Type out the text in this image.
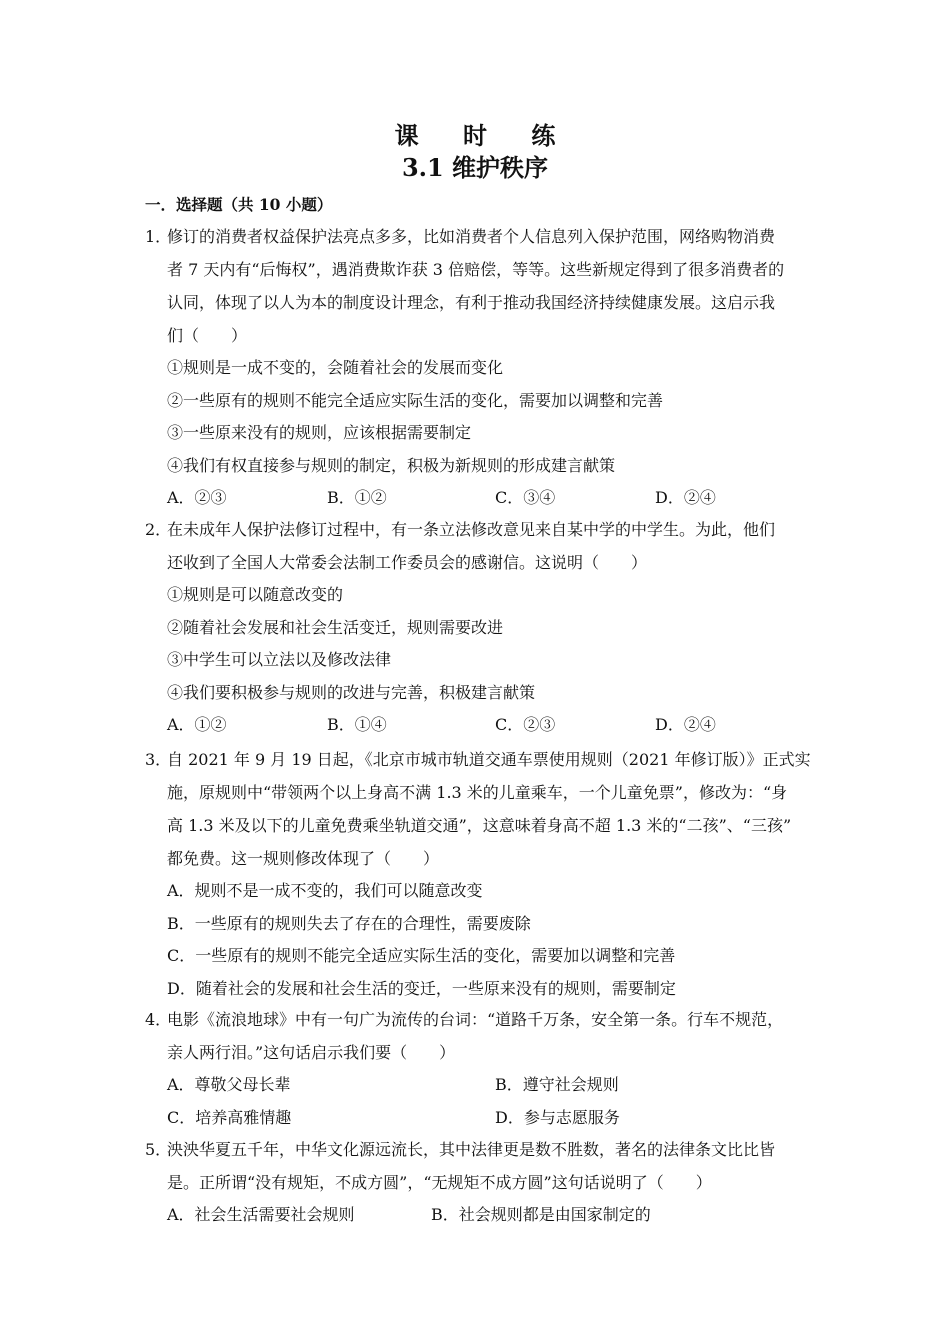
课 时 练
3.1 维护秩序
一．选择题（共 10 小题）
1．修订的消费者权益保护法亮点多多，比如消费者个人信息列入保护范围，网络购物消费
者 7 天内有“后悔权”，遇消费欺诈获 3 倍赔偿，等等。这些新规定得到了很多消费者的
认同，体现了以人为本的制度设计理念，有利于推动我国经济持续健康发展。这启示我
们（　　）
①规则是一成不变的，会随着社会的发展而变化
②一些原有的规则不能完全适应实际生活的变化，需要加以调整和完善
③一些原来没有的规则，应该根据需要制定
④我们有权直接参与规则的制定，积极为新规则的形成建言献策
A．②③	B．①②	C．③④	D．②④
2．在未成年人保护法修订过程中，有一条立法修改意见来自某中学的中学生。为此，他们
还收到了全国人大常委会法制工作委员会的感谢信。这说明（　　）
①规则是可以随意改变的
②随着社会发展和社会生活变迁，规则需要改进
③中学生可以立法以及修改法律
④我们要积极参与规则的改进与完善，积极建言献策
A．①②	B．①④	C．②③	D．②④
3．自 2021 年 9 月 19 日起，《北京市城市轨道交通车票使用规则（2021 年修订版）》正式实
施，原规则中“带领两个以上身高不满 1.3 米的儿童乘车，一个儿童免票”，修改为：“身
高 1.3 米及以下的儿童免费乘坐轨道交通”，这意味着身高不超 1.3 米的“二孩”、“三孩”
都免费。这一规则修改体现了（　　）
A．规则不是一成不变的，我们可以随意改变
B．一些原有的规则失去了存在的合理性，需要废除
C．一些原有的规则不能完全适应实际生活的变化，需要加以调整和完善
D．随着社会的发展和社会生活的变迁，一些原来没有的规则，需要制定
4．电影《流浪地球》中有一句广为流传的台词：“道路千万条，安全第一条。行车不规范，
亲人两行泪。”这句话启示我们要（　　）
A．尊敬父母长辈	B．遵守社会规则
C．培养高雅情趣	D．参与志愿服务
5．泱泱华夏五千年，中华文化源远流长，其中法律更是数不胜数，著名的法律条文比比皆
是。正所谓“没有规矩，不成方圆”，“无规矩不成方圆”这句话说明了（　　）
A．社会生活需要社会规则	B．社会规则都是由国家制定的
